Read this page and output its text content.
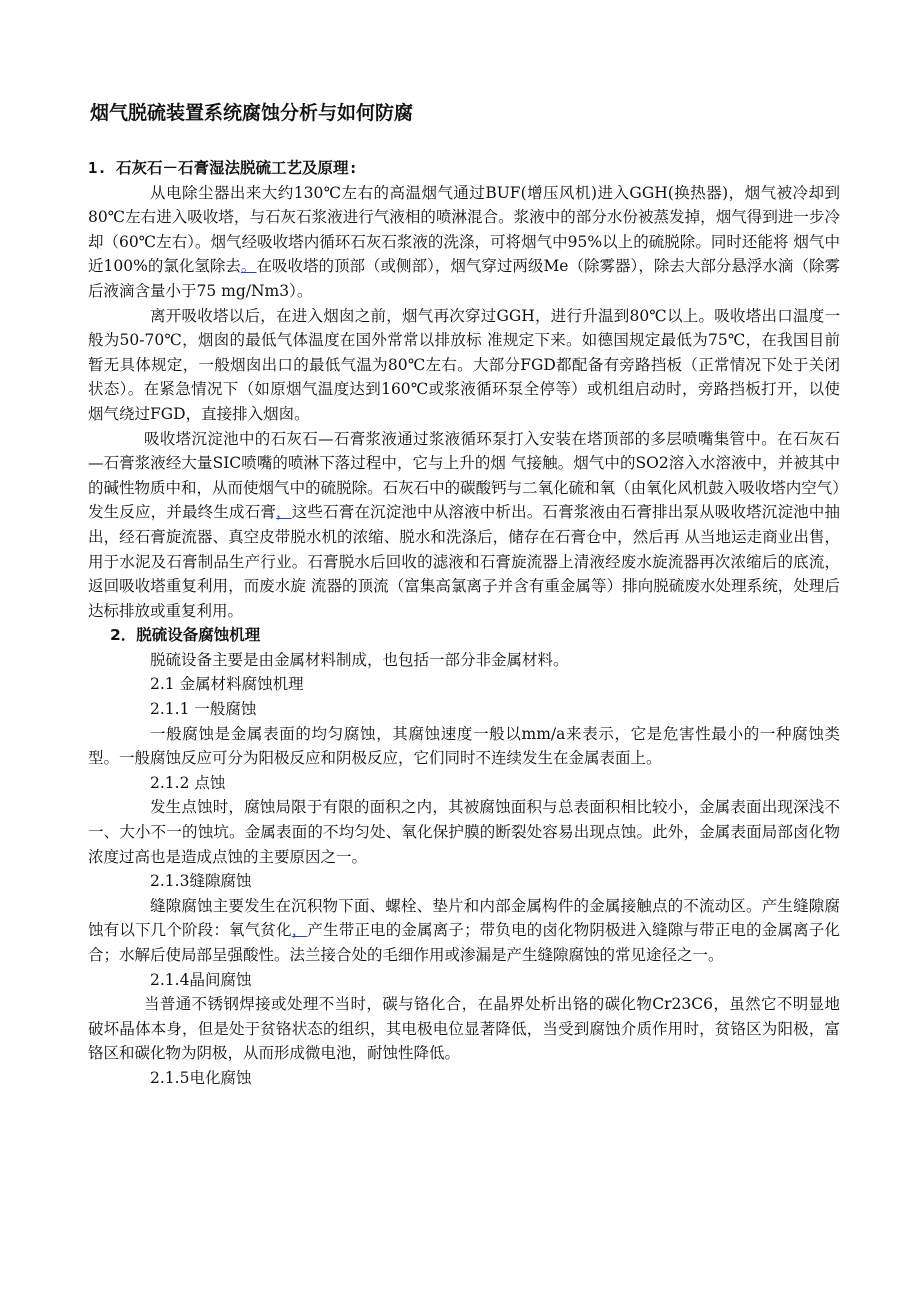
烟气脱硫装置系统腐蚀分析与如何防腐

1. 石灰石－石膏湿法脱硫工艺及原理:

从电除尘器出来大约130℃左右的高温烟气通过BUF(增压风机)进入GGH(换热器)，烟气被冷却到80℃左右进入吸收塔，与石灰石浆液进行气液相的喷淋混合。浆液中的部分水份被蒸发掉，烟气得到进一步冷却（60℃左右）。烟气经吸收塔内循环石灰石浆液的洗涤，可将烟气中95%以上的硫脱除。同时还能将 烟气中近100%的氯化氢除去。在吸收塔的顶部（或侧部），烟气穿过两级Me（除雾器），除去大部分悬浮水滴（除雾后液滴含量小于75 mg/Nm3）。

离开吸收塔以后，在进入烟囱之前，烟气再次穿过GGH，进行升温到80℃以上。吸收塔出口温度一般为50-70℃，烟囱的最低气体温度在国外常常以排放标 准规定下来。如德国规定最低为75℃，在我国目前暂无具体规定，一般烟囱出口的最低气温为80℃左右。大部分FGD都配备有旁路挡板（正常情况下处于关闭 状态）。在紧急情况下（如原烟气温度达到160℃或浆液循环泵全停等）或机组启动时，旁路挡板打开，以使烟气绕过FGD，直接排入烟囱。

吸收塔沉淀池中的石灰石—石膏浆液通过浆液循环泵打入安装在塔顶部的多层喷嘴集管中。在石灰石—石膏浆液经大量SIC喷嘴的喷淋下落过程中，它与上升的烟 气接触。烟气中的SO2溶入水溶液中，并被其中的碱性物质中和，从而使烟气中的硫脱除。石灰石中的碳酸钙与二氧化硫和氧（由氧化风机鼓入吸收塔内空气）发生反应，并最终生成石膏，这些石膏在沉淀池中从溶液中析出。石膏浆液由石膏排出泵从吸收塔沉淀池中抽出，经石膏旋流器、真空皮带脱水机的浓缩、脱水和洗涤后，储存在石膏仓中，然后再 从当地运走商业出售，用于水泥及石膏制品生产行业。石膏脱水后回收的滤液和石膏旋流器上清液经废水旋流器再次浓缩后的底流，返回吸收塔重复利用，而废水旋 流器的顶流（富集高氯离子并含有重金属等）排向脱硫废水处理系统，处理后达标排放或重复利用。

2．脱硫设备腐蚀机理

脱硫设备主要是由金属材料制成，也包括一部分非金属材料。

2.1 金属材料腐蚀机理

2.1.1 一般腐蚀

一般腐蚀是金属表面的均匀腐蚀，其腐蚀速度一般以mm/a来表示，它是危害性最小的一种腐蚀类型。一般腐蚀反应可分为阳极反应和阴极反应，它们同时不连续发生在金属表面上。

2.1.2 点蚀

发生点蚀时，腐蚀局限于有限的面积之内，其被腐蚀面积与总表面积相比较小，金属表面出现深浅不一、大小不一的蚀坑。金属表面的不均匀处、氧化保护膜的断裂处容易出现点蚀。此外，金属表面局部卤化物浓度过高也是造成点蚀的主要原因之一。

2.1.3缝隙腐蚀

缝隙腐蚀主要发生在沉积物下面、螺栓、垫片和内部金属构件的金属接触点的不流动区。产生缝隙腐蚀有以下几个阶段：氧气贫化，产生带正电的金属离子；带负电的卤化物阴极进入缝隙与带正电的金属离子化合；水解后使局部呈强酸性。法兰接合处的毛细作用或渗漏是产生缝隙腐蚀的常见途径之一。

2.1.4晶间腐蚀

当普通不锈钢焊接或处理不当时，碳与铬化合，在晶界处析出铬的碳化物Cr23C6，虽然它不明显地破坏晶体本身，但是处于贫铬状态的组织，其电极电位显著降低，当受到腐蚀介质作用时，贫铬区为阳极，富铬区和碳化物为阴极，从而形成微电池，耐蚀性降低。

2.1.5电化腐蚀
